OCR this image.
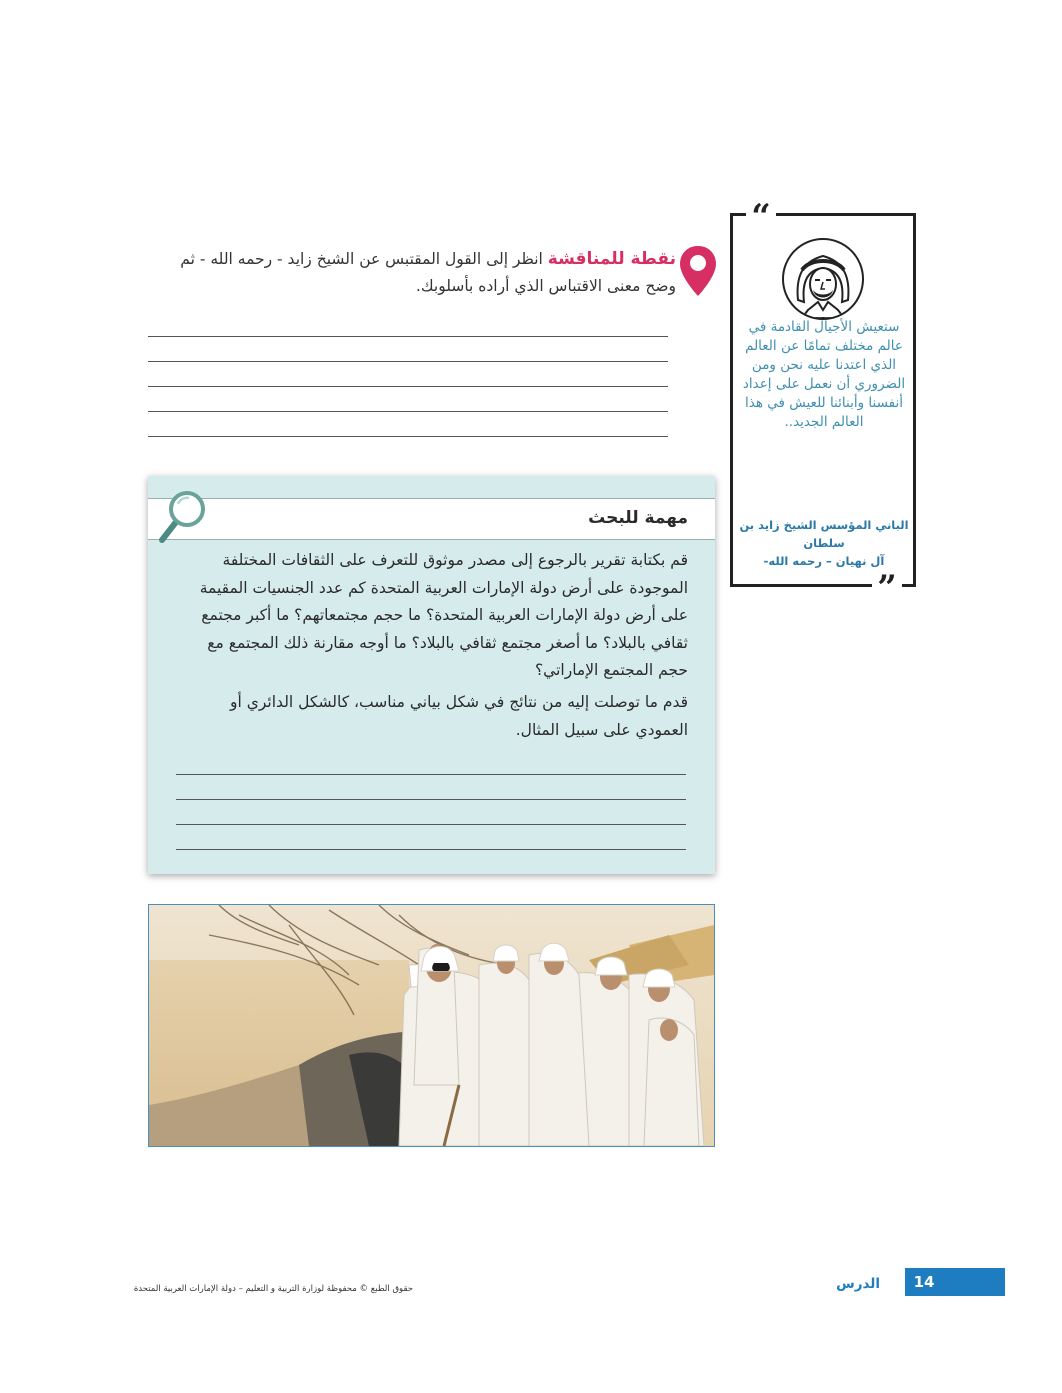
نقطة للمناقشة انظر إلى القول المقتبس عن الشيخ زايد - رحمه الله - ثم وضح معنى الاقتباس الذي أراده بأسلوبك.
“
”
ستعيش الأجيال القادمة في عالم مختلف تمامًا عن العالم الذي اعتدنا عليه نحن ومن الضروري أن نعمل على إعداد أنفسنا وأبنائنا للعيش في هذا العالم الجديد..
الباني المؤسس الشيخ زايد بن سلطان
آل نهيان – رحمه الله-
مهمة للبحث
قم بكتابة تقرير بالرجوع إلى مصدر موثوق للتعرف على الثقافات المختلفة الموجودة على أرض دولة الإمارات العربية المتحدة كم عدد الجنسيات المقيمة على أرض دولة الإمارات العربية المتحدة؟ ما حجم مجتمعاتهم؟ ما أكبر مجتمع ثقافي بالبلاد؟ ما أصغر مجتمع ثقافي بالبلاد؟ ما أوجه مقارنة ذلك المجتمع مع حجم المجتمع الإماراتي؟
قدم ما توصلت إليه من نتائج في شكل بياني مناسب، كالشكل الدائري أو العمودي على سبيل المثال.
14
الدرس
حقوق الطبع © محفوظة لوزارة التربية و التعليم – دولة الإمارات العربية المتحدة
